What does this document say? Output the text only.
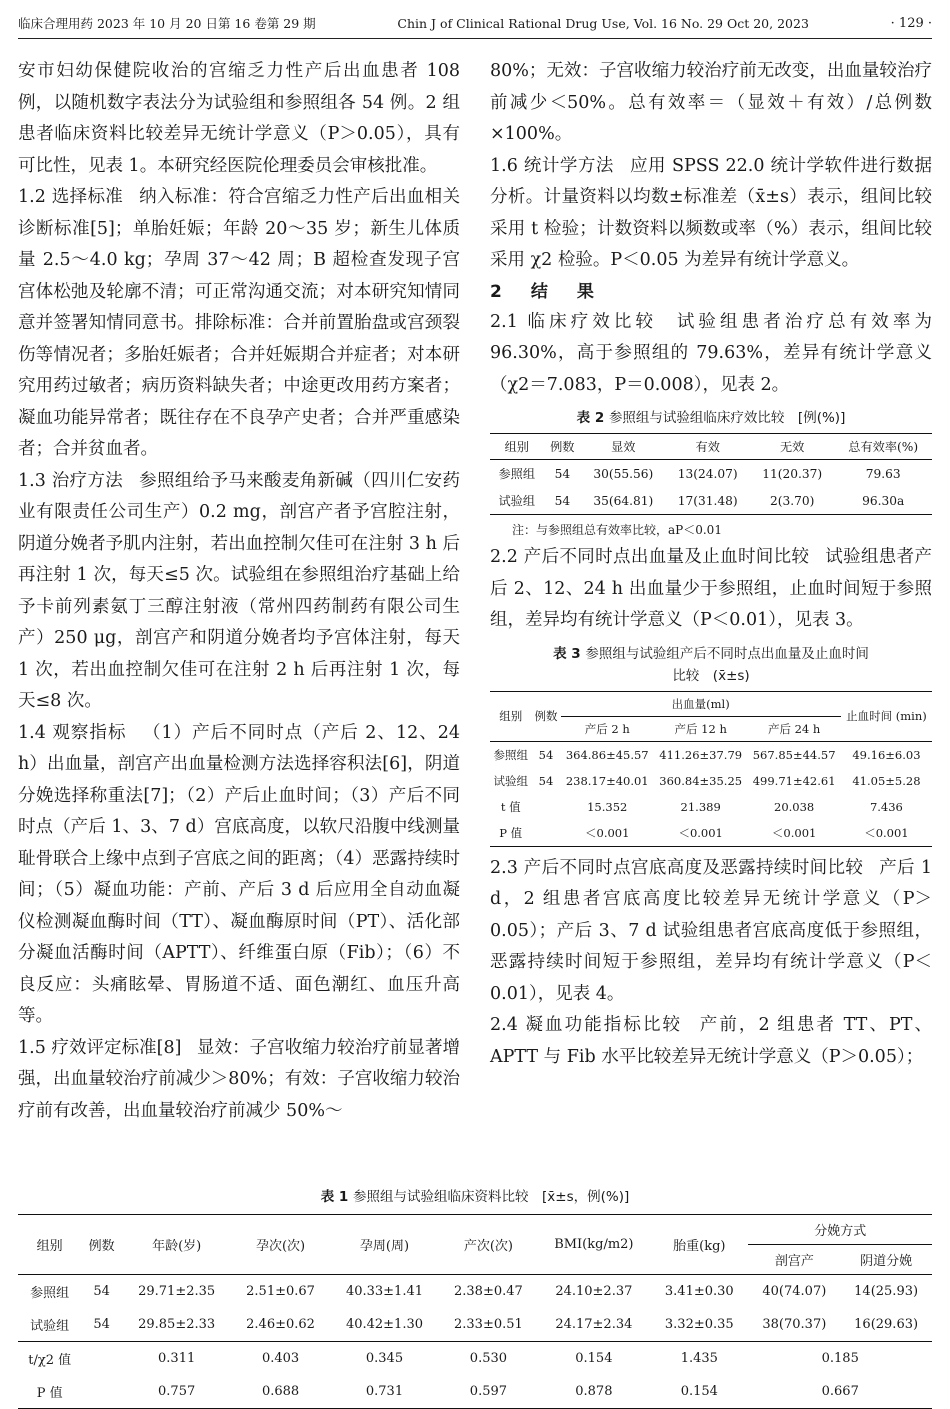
临床合理用药 2023 年 10 月 20 日第 16 卷第 29 期	Chin J of Clinical Rational Drug Use, Vol. 16 No. 29 Oct 20, 2023	· 129 ·

安市妇幼保健院收治的宫缩乏力性产后出血患者 108 例，以随机数字表法分为试验组和参照组各 54 例。2 组患者临床资料比较差异无统计学意义（P＞0.05），具有可比性，见表 1。本研究经医院伦理委员会审核批准。

1.2 选择标准 纳入标准：符合宫缩乏力性产后出血相关诊断标准[5]；单胎妊娠；年龄 20～35 岁；新生儿体质量 2.5～4.0 kg；孕周 37～42 周；B 超检查发现子宫宫体松弛及轮廓不清；可正常沟通交流；对本研究知情同意并签署知情同意书。排除标准：合并前置胎盘或宫颈裂伤等情况者；多胎妊娠者；合并妊娠期合并症者；对本研究用药过敏者；病历资料缺失者；中途更改用药方案者；凝血功能异常者；既往存在不良孕产史者；合并严重感染者；合并贫血者。

1.3 治疗方法 参照组给予马来酸麦角新碱（四川仁安药业有限责任公司生产）0.2 mg，剖宫产者予宫腔注射，阴道分娩者予肌内注射，若出血控制欠佳可在注射 3 h 后再注射 1 次，每天≤5 次。试验组在参照组治疗基础上给予卡前列素氨丁三醇注射液（常州四药制药有限公司生产）250 μg，剖宫产和阴道分娩者均予宫体注射，每天 1 次，若出血控制欠佳可在注射 2 h 后再注射 1 次，每天≤8 次。

1.4 观察指标 （1）产后不同时点（产后 2、12、24 h）出血量，剖宫产出血量检测方法选择容积法[6]，阴道分娩选择称重法[7]；（2）产后止血时间；（3）产后不同时点（产后 1、3、7 d）宫底高度，以软尺沿腹中线测量耻骨联合上缘中点到子宫底之间的距离；（4）恶露持续时间；（5）凝血功能：产前、产后 3 d 后应用全自动血凝仪检测凝血酶时间（TT）、凝血酶原时间（PT）、活化部分凝血活酶时间（APTT）、纤维蛋白原（Fib）；（6）不良反应：头痛眩晕、胃肠道不适、面色潮红、血压升高等。

1.5 疗效评定标准[8] 显效：子宫收缩力较治疗前显著增强，出血量较治疗前减少＞80%；有效：子宫收缩力较治疗前有改善，出血量较治疗前减少 50%～

80%；无效：子宫收缩力较治疗前无改变，出血量较治疗前减少＜50%。总有效率＝（显效＋有效）/总例数×100%。

1.6 统计学方法 应用 SPSS 22.0 统计学软件进行数据分析。计量资料以均数±标准差（x̄±s）表示，组间比较采用 t 检验；计数资料以频数或率（%）表示，组间比较采用 χ2 检验。P＜0.05 为差异有统计学意义。

2　结　果

2.1 临床疗效比较 试验组患者治疗总有效率为 96.30%，高于参照组的 79.63%，差异有统计学意义（χ2＝7.083，P＝0.008），见表 2。

表 2 参照组与试验组临床疗效比较　[例(%)]
组别	例数	显效	有效	无效	总有效率(%)
参照组	54	30(55.56)	13(24.07)	11(20.37)	79.63
试验组	54	35(64.81)	17(31.48)	2(3.70)	96.30a
注：与参照组总有效率比较，aP＜0.01

2.2 产后不同时点出血量及止血时间比较 试验组患者产后 2、12、24 h 出血量少于参照组，止血时间短于参照组，差异均有统计学意义（P＜0.01），见表 3。

表 3 参照组与试验组产后不同时点出血量及止血时间
比较　(x̄±s)
组别	例数	出血量(ml)			止血时间 (min)
		产后 2 h	产后 12 h	产后 24 h	
参照组	54	364.86±45.57	411.26±37.79	567.85±44.57	49.16±6.03
试验组	54	238.17±40.01	360.84±35.25	499.71±42.61	41.05±5.28
t 值		15.352	21.389	20.038	7.436
P 值		＜0.001	＜0.001	＜0.001	＜0.001

2.3 产后不同时点宫底高度及恶露持续时间比较 产后 1 d，2 组患者宫底高度比较差异无统计学意义（P＞0.05）；产后 3、7 d 试验组患者宫底高度低于参照组，恶露持续时间短于参照组，差异均有统计学意义（P＜0.01），见表 4。

2.4 凝血功能指标比较 产前，2 组患者 TT、PT、APTT 与 Fib 水平比较差异无统计学意义（P＞0.05）；

表 1 参照组与试验组临床资料比较　[x̄±s，例(%)]
组别	例数	年龄(岁)	孕次(次)	孕周(周)	产次(次)	BMI(kg/m2)	胎重(kg)	分娩方式	
								剖宫产	阴道分娩
参照组	54	29.71±2.35	2.51±0.67	40.33±1.41	2.38±0.47	24.10±2.37	3.41±0.30	40(74.07)	14(25.93)
试验组	54	29.85±2.33	2.46±0.62	40.42±1.30	2.33±0.51	24.17±2.34	3.32±0.35	38(70.37)	16(29.63)
t/χ2 值		0.311	0.403	0.345	0.530	0.154	1.435	0.185	
P 值		0.757	0.688	0.731	0.597	0.878	0.154	0.667	
